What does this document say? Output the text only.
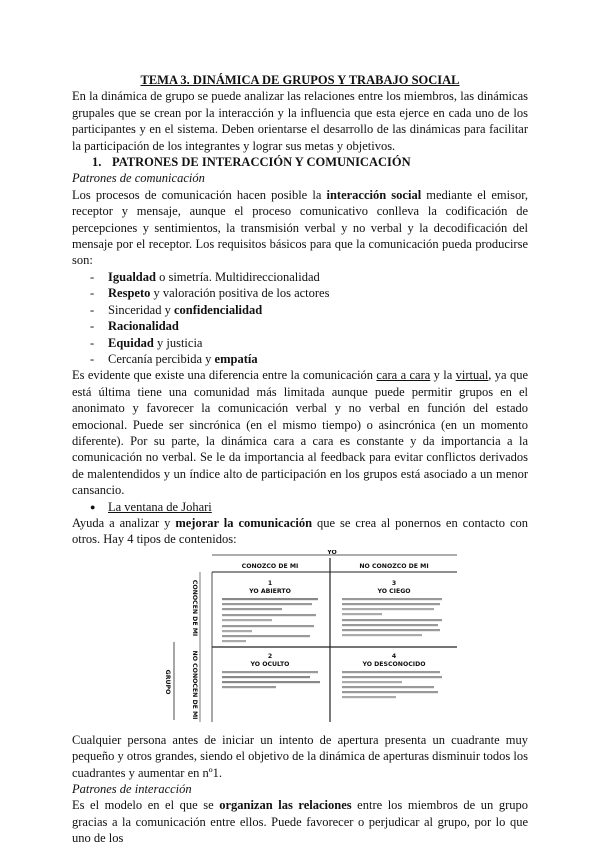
TEMA 3. DINÁMICA DE GRUPOS Y TRABAJO SOCIAL

En la dinámica de grupo se puede analizar las relaciones entre los miembros, las dinámicas grupales que se crean por la interacción y la influencia que esta ejerce en cada uno de los participantes y en el sistema. Deben orientarse el desarrollo de las dinámicas para facilitar la participación de los integrantes y lograr sus metas y objetivos.

1. PATRONES DE INTERACCIÓN Y COMUNICACIÓN

Patrones de comunicación

Los procesos de comunicación hacen posible la interacción social mediante el emisor, receptor y mensaje, aunque el proceso comunicativo conlleva la codificación de percepciones y sentimientos, la transmisión verbal y no verbal y la decodificación del mensaje por el receptor. Los requisitos básicos para que la comunicación pueda producirse son:

- Igualdad o simetría. Multidireccionalidad
- Respeto y valoración positiva de los actores
- Sinceridad y confidencialidad
- Racionalidad
- Equidad y justicia
- Cercanía percibida y empatía

Es evidente que existe una diferencia entre la comunicación cara a cara y la virtual, ya que está última tiene una comunidad más limitada aunque puede permitir grupos en el anonimato y favorecer la comunicación verbal y no verbal en función del estado emocional. Puede ser sincrónica (en el mismo tiempo) o asincrónica (en un momento diferente). Por su parte, la dinámica cara a cara es constante y da importancia a la comunicación no verbal. Se le da importancia al feedback para evitar conflictos derivados de malentendidos y un índice alto de participación en los grupos está asociado a un menor cansancio.

● La ventana de Johari

Ayuda a analizar y mejorar la comunicación que se crea al ponernos en contacto con otros. Hay 4 tipos de contenidos:

YO
GRUPO
CONOZCO DE MI	NO CONOZCO DE MI
CONOCEN DE MI
NO CONOCEN DE MI
1
YO ABIERTO
3
YO CIEGO
2
YO OCULTO
4
YO DESCONOCIDO

Cualquier persona antes de iniciar un intento de apertura presenta un cuadrante muy pequeño y otros grandes, siendo el objetivo de la dinámica de aperturas disminuir todos los cuadrantes y aumentar en nº1.

Patrones de interacción

Es el modelo en el que se organizan las relaciones entre los miembros de un grupo gracias a la comunicación entre ellos. Puede favorecer o perjudicar al grupo, por lo que uno de los
